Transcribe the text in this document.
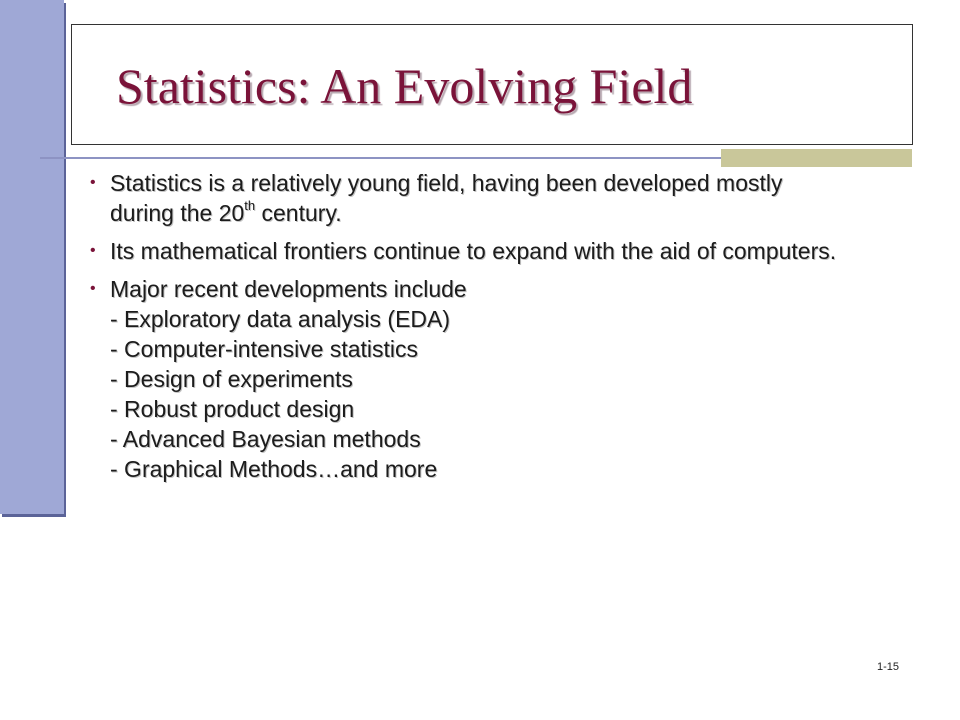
Statistics: An Evolving Field
• Statistics is a relatively young field, having been developed mostly
during the 20th century.
• Its mathematical frontiers continue to expand with the aid of computers.
• Major recent developments include
- Exploratory data analysis (EDA)
- Computer-intensive statistics
- Design of experiments
- Robust product design
- Advanced Bayesian methods
- Graphical Methods…and more
1-15
